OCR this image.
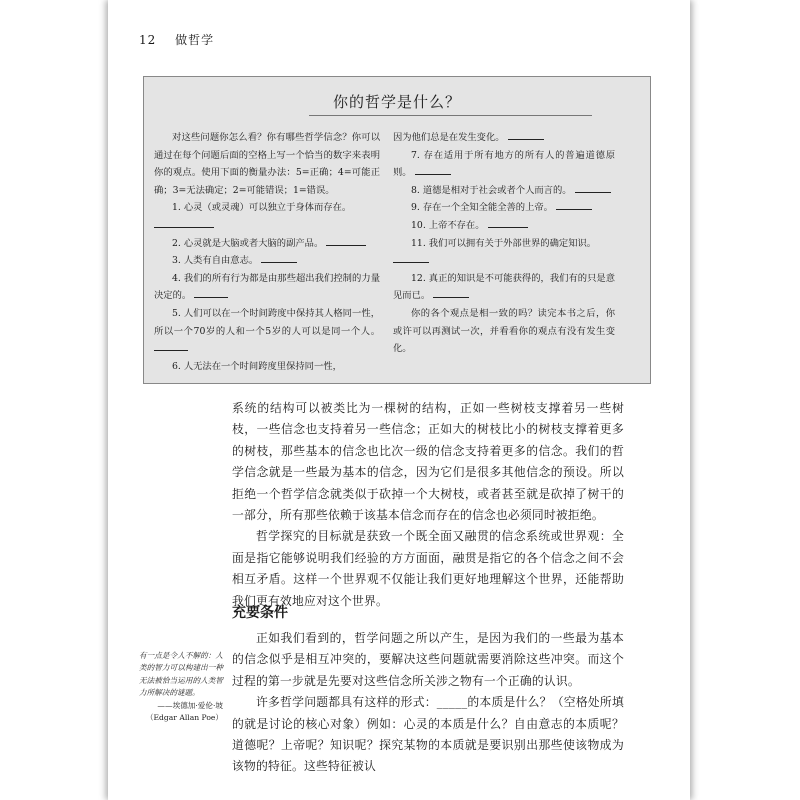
12 做哲学
你的哲学是什么？

对这些问题你怎么看？你有哪些哲学信念？你可以通过在每个问题后面的空格上写一个恰当的数字来表明你的观点。使用下面的衡量办法：5=正确；4=可能正确；3=无法确定；2=可能错误；1=错误。

1. 心灵（或灵魂）可以独立于身体而存在。

2. 心灵就是大脑或者大脑的副产品。

3. 人类有自由意志。

4. 我们的所有行为都是由那些超出我们控制的力量决定的。

5. 人们可以在一个时间跨度中保持其人格同一性，所以一个70岁的人和一个5岁的人可以是同一个人。

6. 人无法在一个时间跨度里保持同一性，

因为他们总是在发生变化。

7. 存在适用于所有地方的所有人的普遍道德原则。

8. 道德是相对于社会或者个人而言的。

9. 存在一个全知全能全善的上帝。

10. 上帝不存在。

11. 我们可以拥有关于外部世界的确定知识。

12. 真正的知识是不可能获得的，我们有的只是意见而已。

你的各个观点是相一致的吗？读完本书之后，你或许可以再测试一次，并看看你的观点有没有发生变化。

系统的结构可以被类比为一棵树的结构，正如一些树枝支撑着另一些树枝，一些信念也支持着另一些信念；正如大的树枝比小的树枝支撑着更多的树枝，那些基本的信念也比次一级的信念支持着更多的信念。我们的哲学信念就是一些最为基本的信念，因为它们是很多其他信念的预设。所以拒绝一个哲学信念就类似于砍掉一个大树枝，或者甚至就是砍掉了树干的一部分，所有那些依赖于该基本信念而存在的信念也必须同时被拒绝。

哲学探究的目标就是获致一个既全面又融贯的信念系统或世界观：全面是指它能够说明我们经验的方方面面，融贯是指它的各个信念之间不会相互矛盾。这样一个世界观不仅能让我们更好地理解这个世界，还能帮助我们更有效地应对这个世界。

充要条件

正如我们看到的，哲学问题之所以产生，是因为我们的一些最为基本的信念似乎是相互冲突的，要解决这些问题就需要消除这些冲突。而这个过程的第一步就是先要对这些信念所关涉之物有一个正确的认识。

许多哲学问题都具有这样的形式：_____的本质是什么？（空格处所填的就是讨论的核心对象）例如：心灵的本质是什么？自由意志的本质呢？道德呢？上帝呢？知识呢？探究某物的本质就是要识别出那些使该物成为该物的特征。这些特征被认

有一点是令人不解的：人类的智力可以构建出一种无法被恰当运用的人类智力所解决的谜题。
——埃德加·爱伦·坡
（Edgar Allan Poe）
